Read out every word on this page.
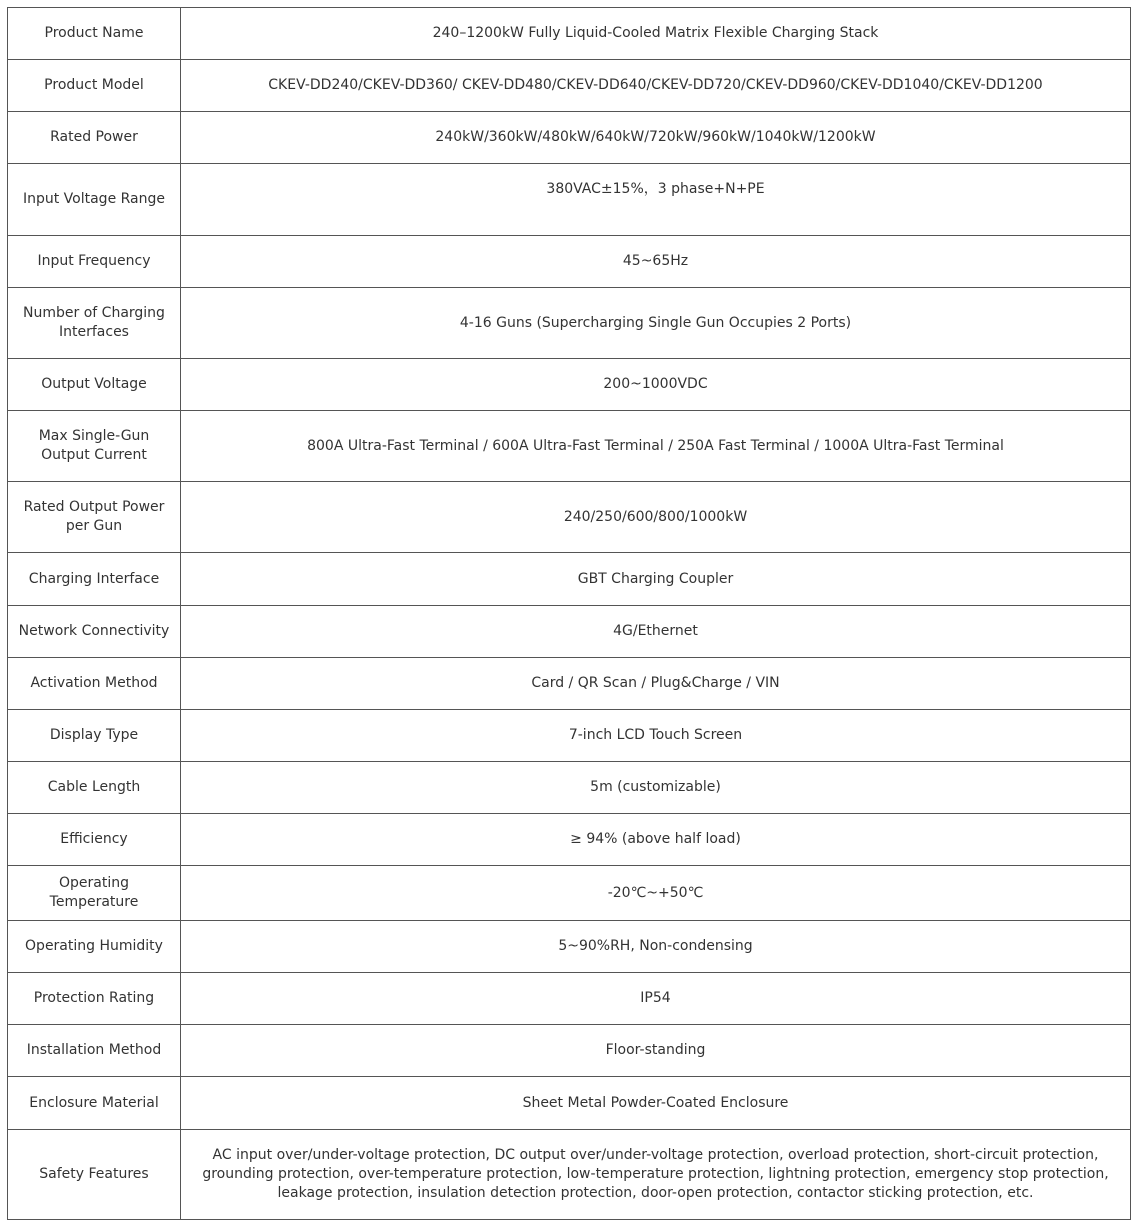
Product Name	240–1200kW Fully Liquid-Cooled Matrix Flexible Charging Stack
Product Model	CKEV-DD240/CKEV-DD360/ CKEV-DD480/CKEV-DD640/CKEV-DD720/CKEV-DD960/CKEV-DD1040/CKEV-DD1200
Rated Power	240kW/360kW/480kW/640kW/720kW/960kW/1040kW/1200kW
Input Voltage Range	380VAC±15%，3 phase+N+PE
Input Frequency	45~65Hz
Number of Charging Interfaces	4-16 Guns (Supercharging Single Gun Occupies 2 Ports)
Output Voltage	200~1000VDC
Max Single-Gun Output Current	800A Ultra-Fast Terminal / 600A Ultra-Fast Terminal / 250A Fast Terminal / 1000A Ultra-Fast Terminal
Rated Output Power per Gun	240/250/600/800/1000kW
Charging Interface	GBT Charging Coupler
Network Connectivity	4G/Ethernet
Activation Method	Card / QR Scan / Plug&Charge / VIN
Display Type	7-inch LCD Touch Screen
Cable Length	5m (customizable)
Efficiency	≥ 94% (above half load)
Operating Temperature	-20℃~+50℃
Operating Humidity	5~90%RH, Non-condensing
Protection Rating	IP54
Installation Method	Floor-standing
Enclosure Material	Sheet Metal Powder-Coated Enclosure
Safety Features	AC input over/under-voltage protection, DC output over/under-voltage protection, overload protection, short-circuit protection, grounding protection, over-temperature protection, low-temperature protection, lightning protection, emergency stop protection, leakage protection, insulation detection protection, door-open protection, contactor sticking protection, etc.
